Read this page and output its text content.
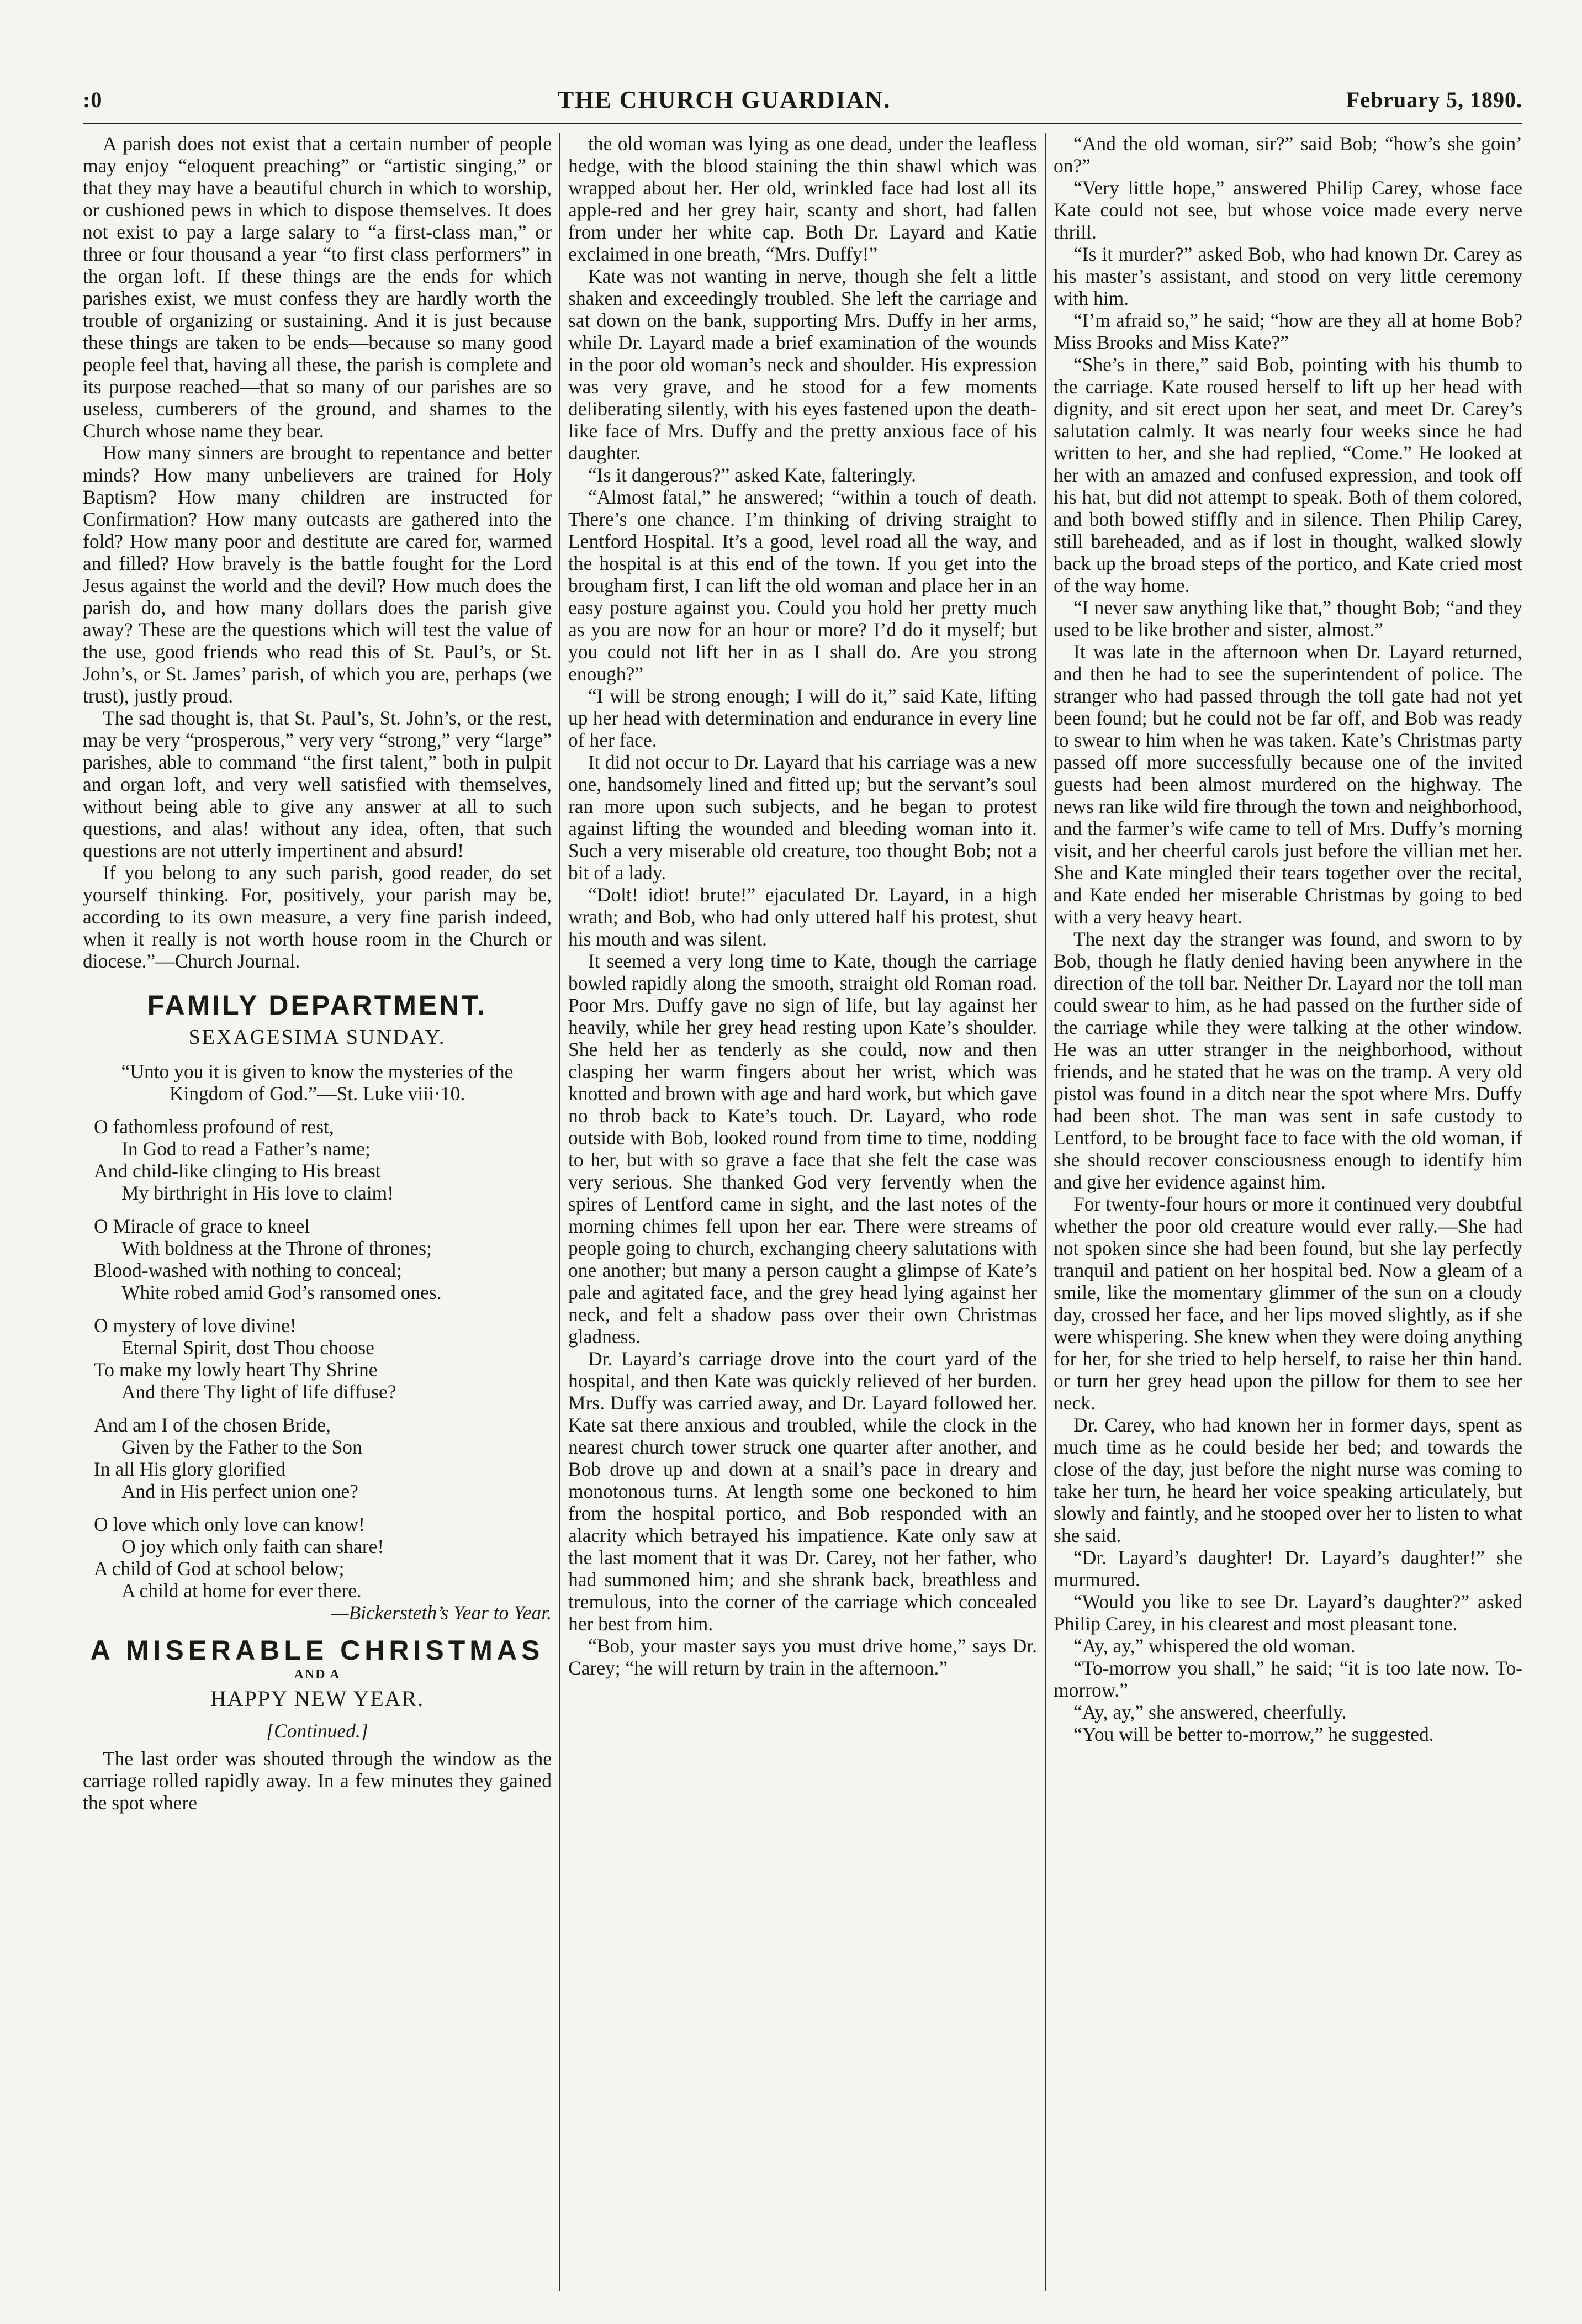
:0	THE CHURCH GUARDIAN.	February 5, 1890.

A parish does not exist that a certain number of people may enjoy “eloquent preaching” or “artistic singing,” or that they may have a beautiful church in which to worship, or cushioned pews in which to dispose themselves. It does not exist to pay a large salary to “a first-class man,” or three or four thousand a year “to first class performers” in the organ loft. If these things are the ends for which parishes exist, we must confess they are hardly worth the trouble of organizing or sustaining. And it is just because these things are taken to be ends—because so many good people feel that, having all these, the parish is complete and its purpose reached—that so many of our parishes are so useless, cumberers of the ground, and shames to the Church whose name they bear.

How many sinners are brought to repentance and better minds? How many unbelievers are trained for Holy Baptism? How many children are instructed for Confirmation? How many outcasts are gathered into the fold? How many poor and destitute are cared for, warmed and filled? How bravely is the battle fought for the Lord Jesus against the world and the devil? How much does the parish do, and how many dollars does the parish give away? These are the questions which will test the value of the use, good friends who read this of St. Paul’s, or St. John’s, or St. James’ parish, of which you are, perhaps (we trust), justly proud.

The sad thought is, that St. Paul’s, St. John’s, or the rest, may be very “prosperous,” very very “strong,” very “large” parishes, able to command “the first talent,” both in pulpit and organ loft, and very well satisfied with themselves, without being able to give any answer at all to such questions, and alas! without any idea, often, that such questions are not utterly impertinent and absurd!

If you belong to any such parish, good reader, do set yourself thinking. For, positively, your parish may be, according to its own measure, a very fine parish indeed, when it really is not worth house room in the Church or diocese.”—Church Journal.

FAMILY DEPARTMENT.
SEXAGESIMA SUNDAY.

“Unto you it is given to know the mysteries of the Kingdom of God.”—St. Luke viii·10.

O fathomless profound of rest,
In God to read a Father’s name;
And child-like clinging to His breast
My birthright in His love to claim!
O Miracle of grace to kneel
With boldness at the Throne of thrones;
Blood-washed with nothing to conceal;
White robed amid God’s ransomed ones.
O mystery of love divine!
Eternal Spirit, dost Thou choose
To make my lowly heart Thy Shrine
And there Thy light of life diffuse?
And am I of the chosen Bride,
Given by the Father to the Son
In all His glory glorified
And in His perfect union one?
O love which only love can know!
O joy which only faith can share!
A child of God at school below;
A child at home for ever there.

—Bickersteth’s Year to Year.

A MISERABLE CHRISTMAS
AND A
HAPPY NEW YEAR.
[Continued.]

The last order was shouted through the window as the carriage rolled rapidly away. In a few minutes they gained the spot where

the old woman was lying as one dead, under the leafless hedge, with the blood staining the thin shawl which was wrapped about her. Her old, wrinkled face had lost all its apple-red and her grey hair, scanty and short, had fallen from under her white cap. Both Dr. Layard and Katie exclaimed in one breath, “Mrs. Duffy!”

Kate was not wanting in nerve, though she felt a little shaken and exceedingly troubled. She left the carriage and sat down on the bank, supporting Mrs. Duffy in her arms, while Dr. Layard made a brief examination of the wounds in the poor old woman’s neck and shoulder. His expression was very grave, and he stood for a few moments deliberating silently, with his eyes fastened upon the death-like face of Mrs. Duffy and the pretty anxious face of his daughter.

“Is it dangerous?” asked Kate, falteringly.

“Almost fatal,” he answered; “within a touch of death. There’s one chance. I’m thinking of driving straight to Lentford Hospital. It’s a good, level road all the way, and the hospital is at this end of the town. If you get into the brougham first, I can lift the old woman and place her in an easy posture against you. Could you hold her pretty much as you are now for an hour or more? I’d do it myself; but you could not lift her in as I shall do. Are you strong enough?”

“I will be strong enough; I will do it,” said Kate, lifting up her head with determination and endurance in every line of her face.

It did not occur to Dr. Layard that his carriage was a new one, handsomely lined and fitted up; but the servant’s soul ran more upon such subjects, and he began to protest against lifting the wounded and bleeding woman into it. Such a very miserable old creature, too thought Bob; not a bit of a lady.

“Dolt! idiot! brute!” ejaculated Dr. Layard, in a high wrath; and Bob, who had only uttered half his protest, shut his mouth and was silent.

It seemed a very long time to Kate, though the carriage bowled rapidly along the smooth, straight old Roman road. Poor Mrs. Duffy gave no sign of life, but lay against her heavily, while her grey head resting upon Kate’s shoulder. She held her as tenderly as she could, now and then clasping her warm fingers about her wrist, which was knotted and brown with age and hard work, but which gave no throb back to Kate’s touch. Dr. Layard, who rode outside with Bob, looked round from time to time, nodding to her, but with so grave a face that she felt the case was very serious. She thanked God very fervently when the spires of Lentford came in sight, and the last notes of the morning chimes fell upon her ear. There were streams of people going to church, exchanging cheery salutations with one another; but many a person caught a glimpse of Kate’s pale and agitated face, and the grey head lying against her neck, and felt a shadow pass over their own Christmas gladness.

Dr. Layard’s carriage drove into the court yard of the hospital, and then Kate was quickly relieved of her burden. Mrs. Duffy was carried away, and Dr. Layard followed her. Kate sat there anxious and troubled, while the clock in the nearest church tower struck one quarter after another, and Bob drove up and down at a snail’s pace in dreary and monotonous turns. At length some one beckoned to him from the hospital portico, and Bob responded with an alacrity which betrayed his impatience. Kate only saw at the last moment that it was Dr. Carey, not her father, who had summoned him; and she shrank back, breathless and tremulous, into the corner of the carriage which concealed her best from him.

“Bob, your master says you must drive home,” says Dr. Carey; “he will return by train in the afternoon.”

“And the old woman, sir?” said Bob; “how’s she goin’ on?”

“Very little hope,” answered Philip Carey, whose face Kate could not see, but whose voice made every nerve thrill.

“Is it murder?” asked Bob, who had known Dr. Carey as his master’s assistant, and stood on very little ceremony with him.

“I’m afraid so,” he said; “how are they all at home Bob? Miss Brooks and Miss Kate?”

“She’s in there,” said Bob, pointing with his thumb to the carriage. Kate roused herself to lift up her head with dignity, and sit erect upon her seat, and meet Dr. Carey’s salutation calmly. It was nearly four weeks since he had written to her, and she had replied, “Come.” He looked at her with an amazed and confused expression, and took off his hat, but did not attempt to speak. Both of them colored, and both bowed stiffly and in silence. Then Philip Carey, still bareheaded, and as if lost in thought, walked slowly back up the broad steps of the portico, and Kate cried most of the way home.

“I never saw anything like that,” thought Bob; “and they used to be like brother and sister, almost.”

It was late in the afternoon when Dr. Layard returned, and then he had to see the superintendent of police. The stranger who had passed through the toll gate had not yet been found; but he could not be far off, and Bob was ready to swear to him when he was taken. Kate’s Christmas party passed off more successfully because one of the invited guests had been almost murdered on the highway. The news ran like wild fire through the town and neighborhood, and the farmer’s wife came to tell of Mrs. Duffy’s morning visit, and her cheerful carols just before the villian met her. She and Kate mingled their tears together over the recital, and Kate ended her miserable Christmas by going to bed with a very heavy heart.

The next day the stranger was found, and sworn to by Bob, though he flatly denied having been anywhere in the direction of the toll bar. Neither Dr. Layard nor the toll man could swear to him, as he had passed on the further side of the carriage while they were talking at the other window. He was an utter stranger in the neighborhood, without friends, and he stated that he was on the tramp. A very old pistol was found in a ditch near the spot where Mrs. Duffy had been shot. The man was sent in safe custody to Lentford, to be brought face to face with the old woman, if she should recover consciousness enough to identify him and give her evidence against him.

For twenty-four hours or more it continued very doubtful whether the poor old creature would ever rally.—She had not spoken since she had been found, but she lay perfectly tranquil and patient on her hospital bed. Now a gleam of a smile, like the momentary glimmer of the sun on a cloudy day, crossed her face, and her lips moved slightly, as if she were whispering. She knew when they were doing anything for her, for she tried to help herself, to raise her thin hand. or turn her grey head upon the pillow for them to see her neck.

Dr. Carey, who had known her in former days, spent as much time as he could beside her bed; and towards the close of the day, just before the night nurse was coming to take her turn, he heard her voice speaking articulately, but slowly and faintly, and he stooped over her to listen to what she said.

“Dr. Layard’s daughter! Dr. Layard’s daughter!” she murmured.

“Would you like to see Dr. Layard’s daughter?” asked Philip Carey, in his clearest and most pleasant tone.

“Ay, ay,” whispered the old woman.

“To-morrow you shall,” he said; “it is too late now. To-morrow.”

“Ay, ay,” she answered, cheerfully.

“You will be better to-morrow,” he suggested.
